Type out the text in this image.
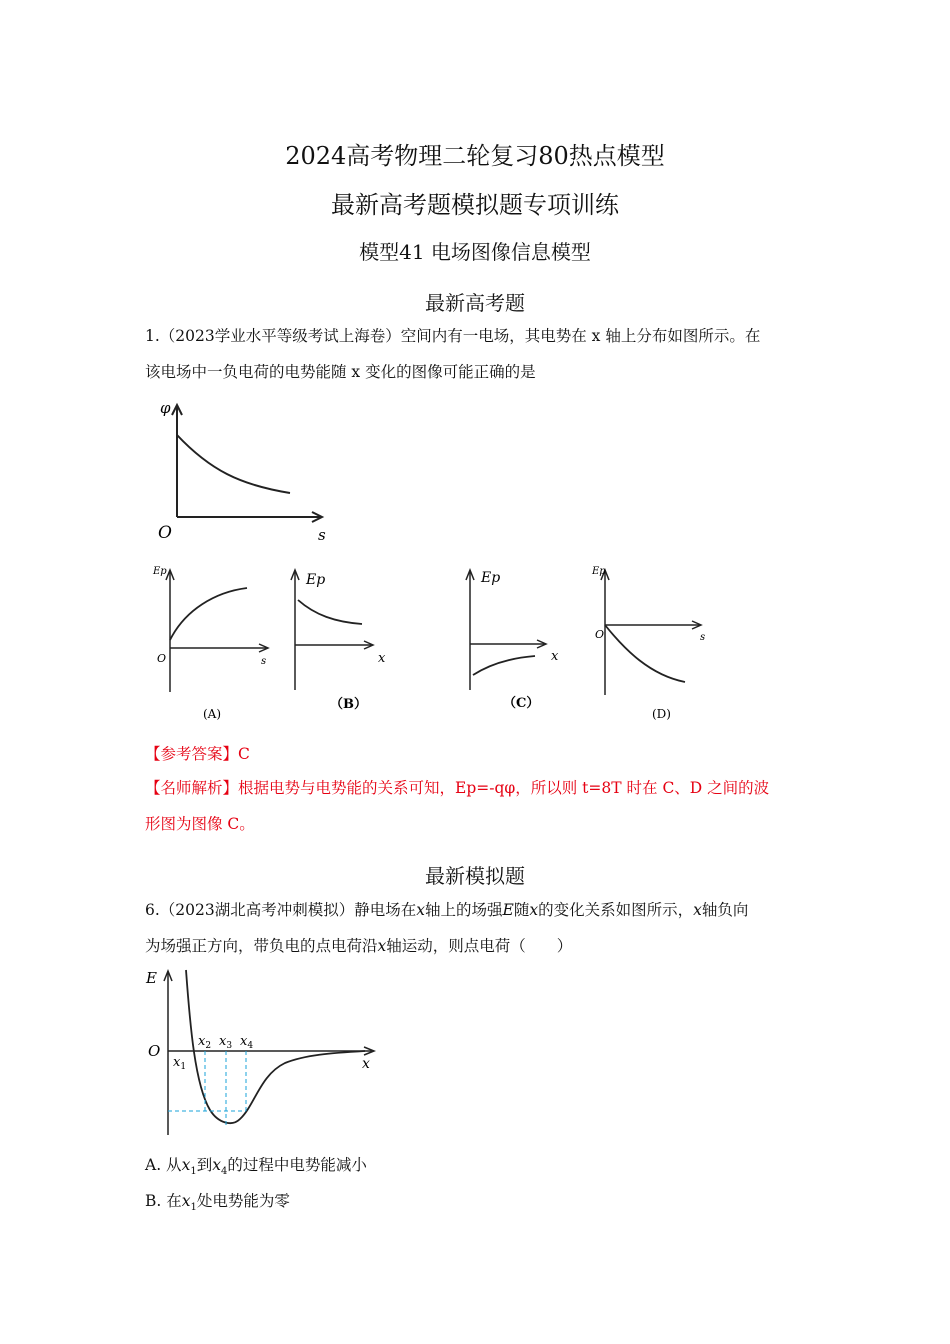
2024高考物理二轮复习80热点模型
最新高考题模拟题专项训练
模型41 电场图像信息模型
最新高考题
1.（2023学业水平等级考试上海卷）空间内有一电场，其电势在 x 轴上分布如图所示。在
该电场中一负电荷的电势能随 x 变化的图像可能正确的是
φ
O	s
Ep
O	s
(A)
Ep
x
（B）
Ep
x
（C）
Ep
O	s
(D)
【参考答案】C
【名师解析】根据电势与电势能的关系可知，Ep=-qφ，所以则 t=8T 时在 C、D 之间的波
形图为图像 C。
最新模拟题
6.（2023湖北高考冲刺模拟）静电场在x轴上的场强E随x的变化关系如图所示，x轴负向
为场强正方向，带负电的点电荷沿x轴运动，则点电荷（　　）
E
O
x
$x_1$
$x_2$ $x_3$ $x_4$
A. 从$x_1$到$x_4$的过程中电势能减小
B. 在$x_1$处电势能为零
